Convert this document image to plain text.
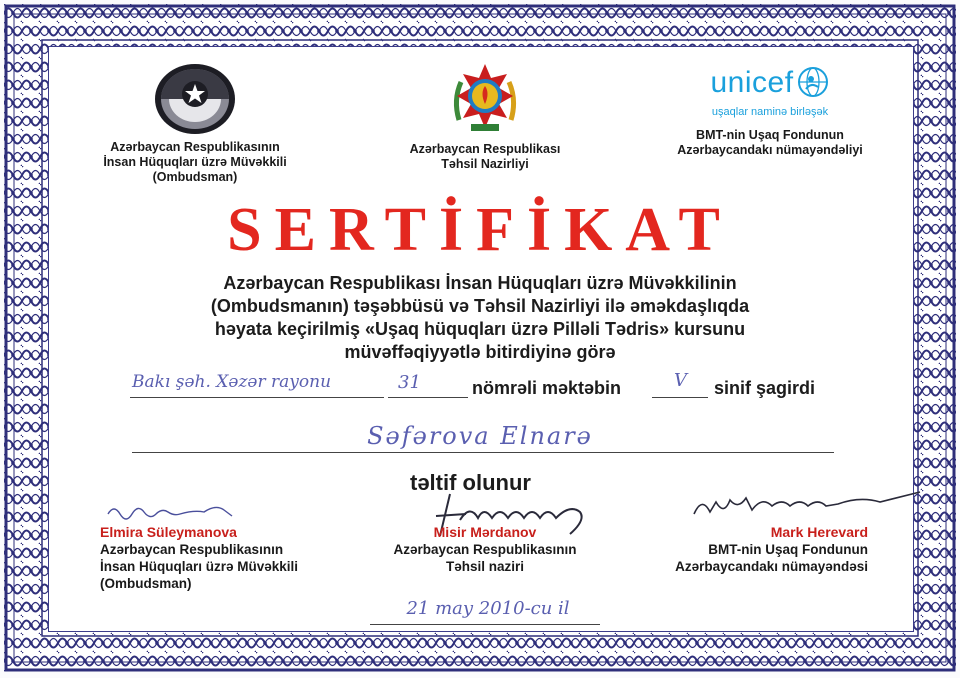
Azərbaycan Respublikasının
İnsan Hüquqları üzrə Müvəkkili
(Ombudsman)
Azərbaycan Respublikası
Təhsil Nazirliyi
unicef
uşaqlar naminə birləşək
BMT-nin Uşaq Fondunun
Azərbaycandakı nümayəndəliyi
SERTİFİKAT
Azərbaycan Respublikası İnsan Hüquqları üzrə Müvəkkilinin
(Ombudsmanın) təşəbbüsü və Təhsil Nazirliyi ilə əməkdaşlıqda
həyata keçirilmiş «Uşaq hüquqları üzrə Pilləli Tədris» kursunu
müvəffəqiyyətlə bitirdiyinə görə
Bakı şəh. Xəzər rayonu	31	nömrəli məktəbin	V sinif şagirdi
Səfərova Elnarə
təltif olunur
Elmira Süleymanova
Azərbaycan Respublikasının
İnsan Hüquqları üzrə Müvəkkili
(Ombudsman)
Misir Mərdanov
Azərbaycan Respublikasının
Təhsil naziri
Mark Herevard
BMT-nin Uşaq Fondunun
Azərbaycandakı nümayəndəsi
21 may 2010-cu il
